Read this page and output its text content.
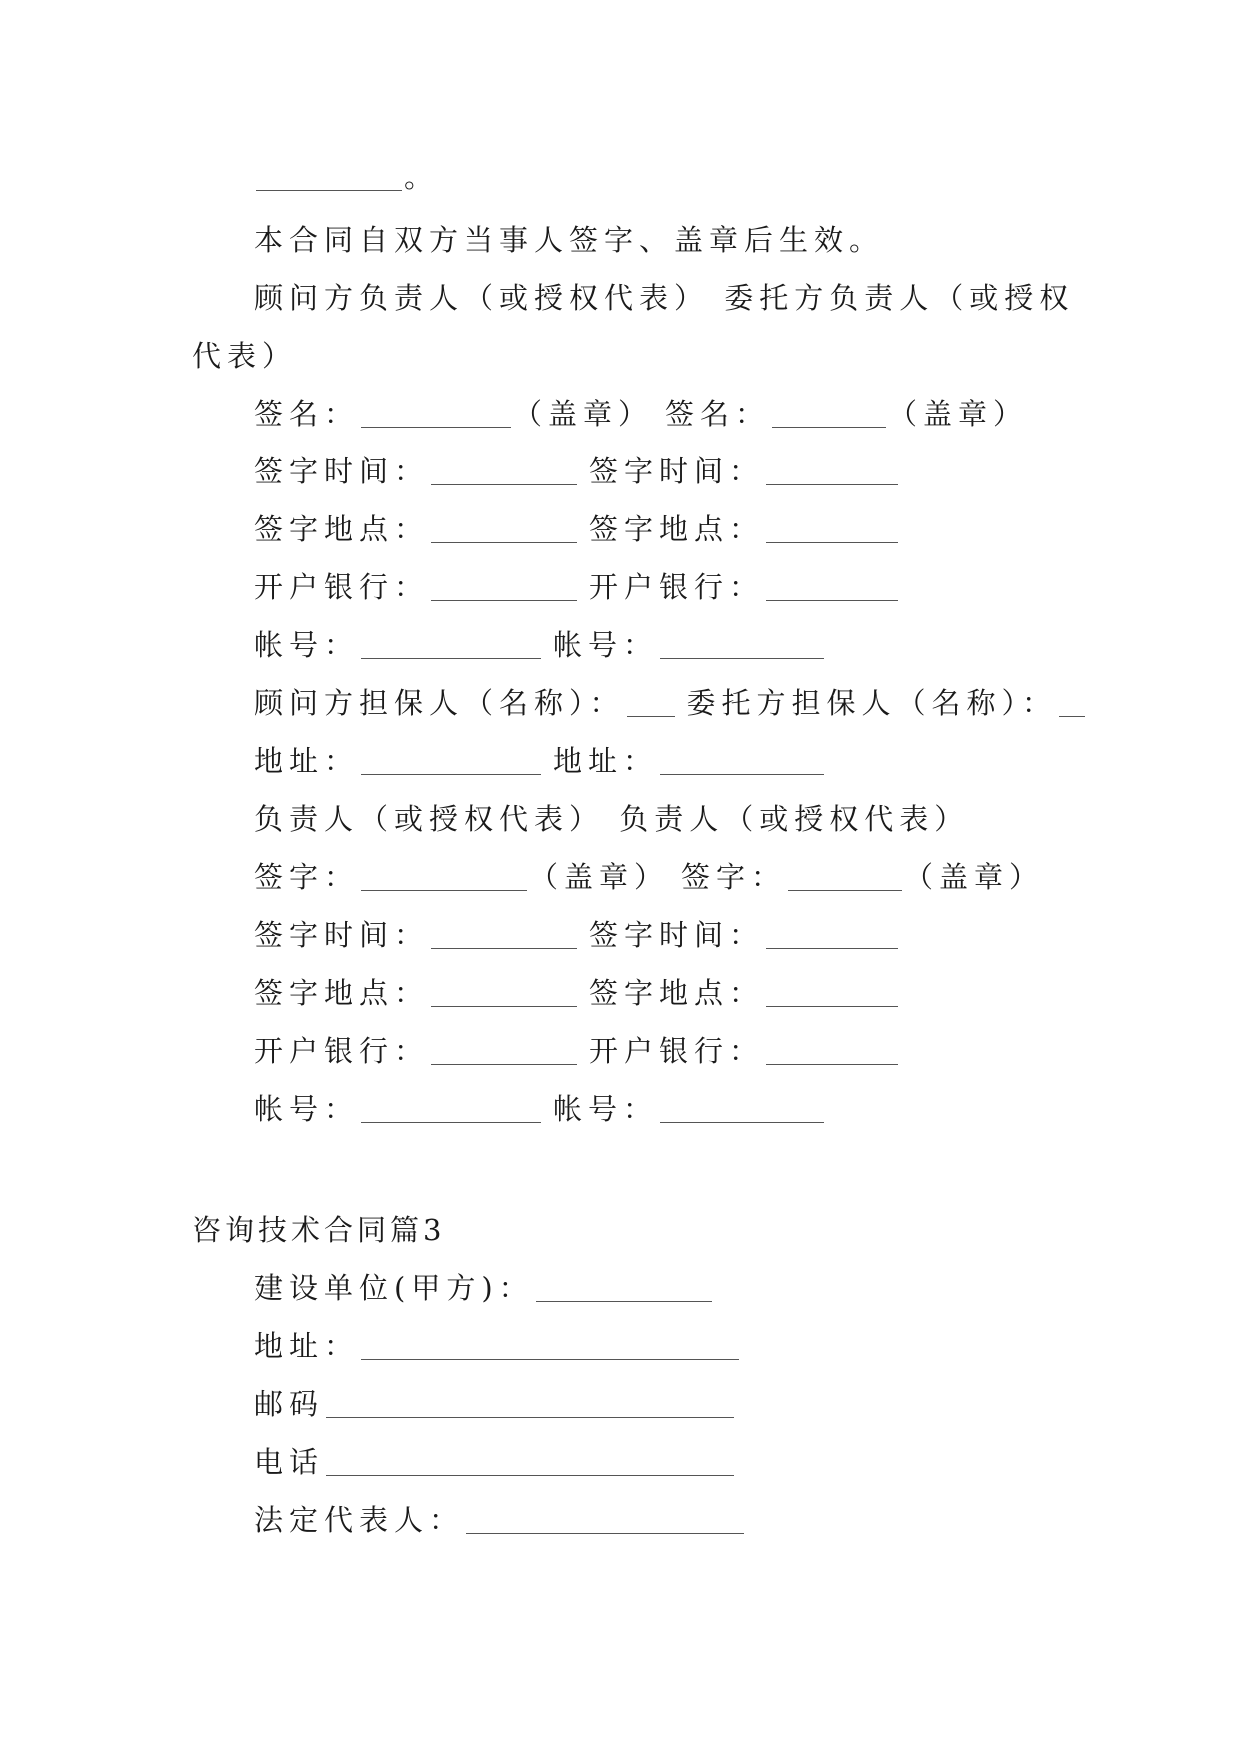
。
本合同自双方当事人签字、盖章后生效。
顾问方负责人（或授权代表） 委托方负责人（或授权
代表）
签名：	（盖章） 签名：	（盖章）
签字时间：	签字时间：
签字地点：	签字地点：
开户银行：	开户银行：
帐号：	帐号：
顾问方担保人（名称）： 委托方担保人（名称）：
地址：	地址：
负责人（或授权代表） 负责人（或授权代表）
签字：	（盖章） 签字：	（盖章）
签字时间：	签字时间：
签字地点：	签字地点：
开户银行：	开户银行：
帐号：	帐号：
咨询技术合同篇3
建设单位(甲方)：
地址：
邮码
电话
法定代表人：
